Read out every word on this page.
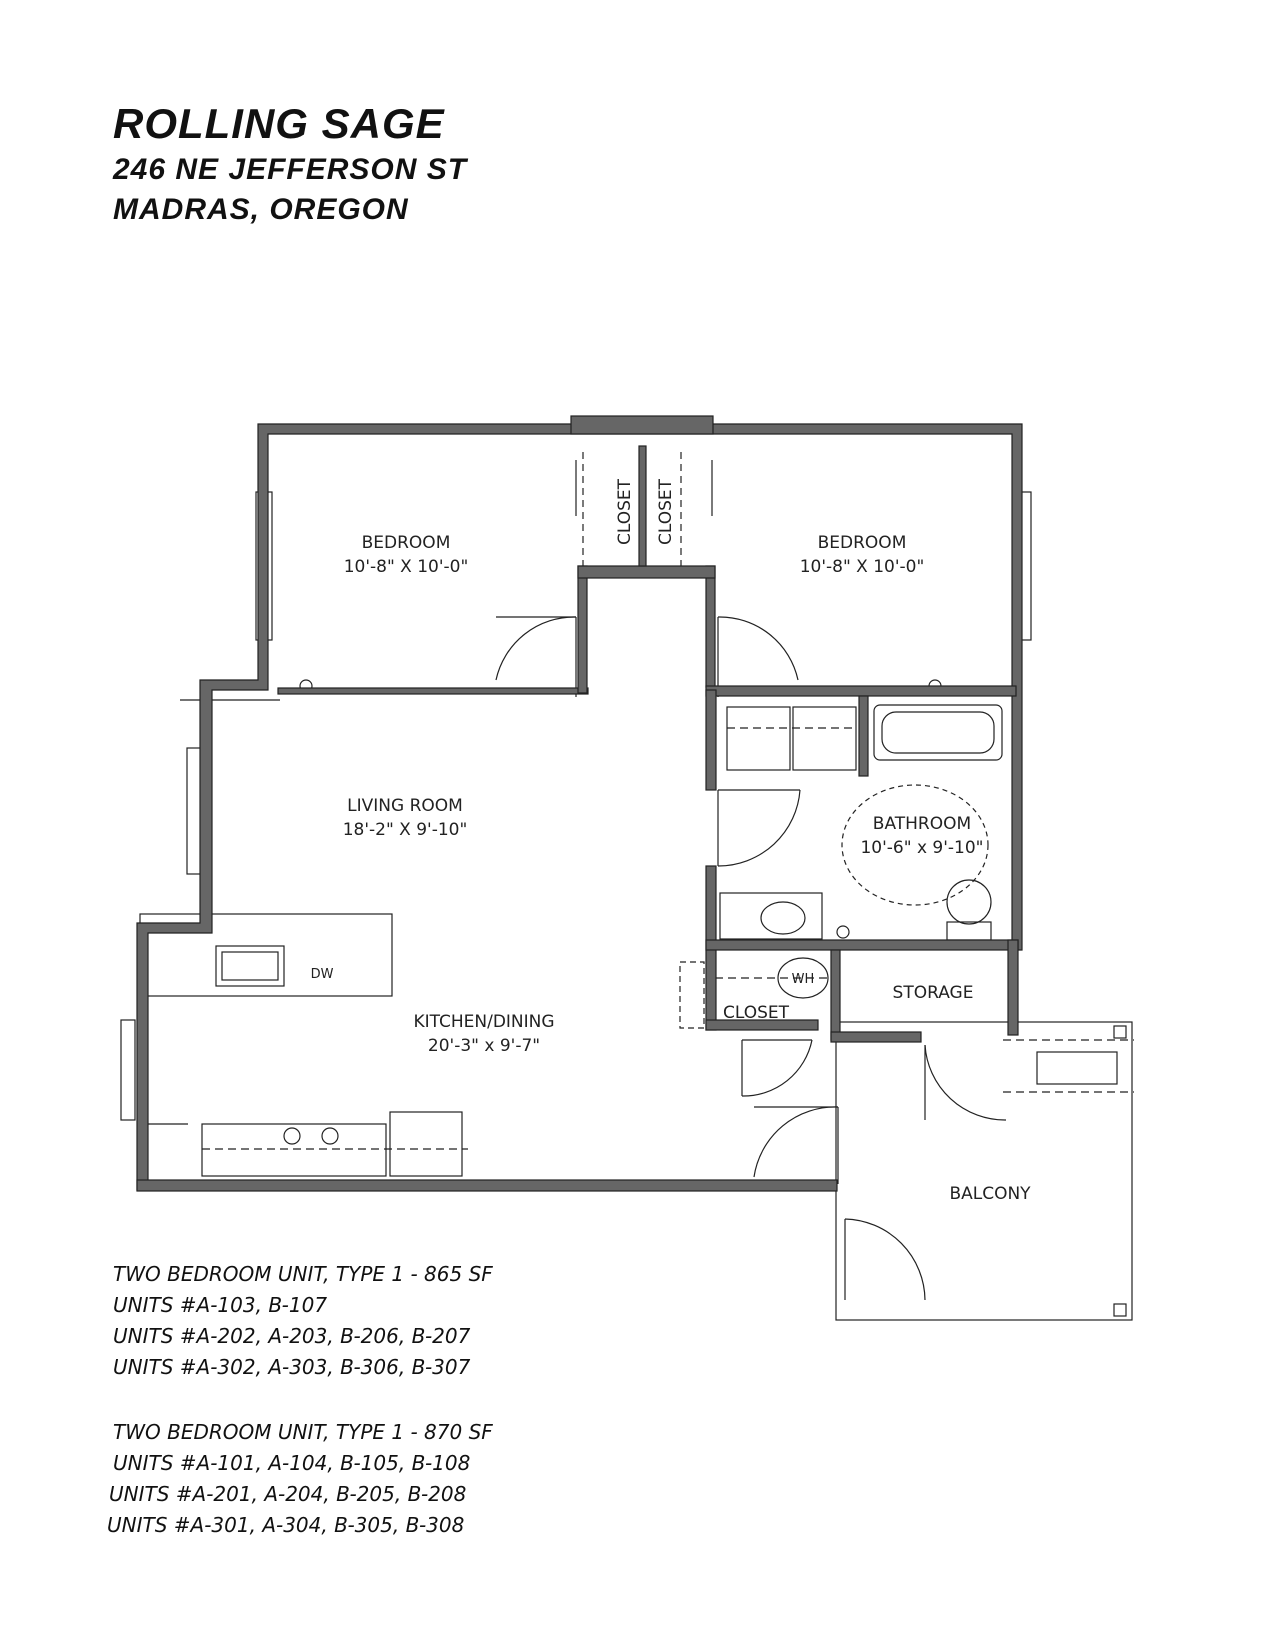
ROLLING SAGE
246 NE JEFFERSON ST
MADRAS, OREGON
BEDROOM
10'-8" X 10'-0"
BEDROOM
10'-8" X 10'-0"
CLOSET CLOSET
LIVING ROOM
18'-2" X 9'-10"	BATHROOM
10'-6" x 9'-10"
KITCHEN/DINING
20'-3" x 9'-7"
CLOSET
STORAGE
BALCONY
DW	WH
TWO BEDROOM UNIT, TYPE 1 - 865 SF
UNITS #A-103, B-107
UNITS #A-202, A-203, B-206, B-207
UNITS #A-302, A-303, B-306, B-307
TWO BEDROOM UNIT, TYPE 1 - 870 SF
UNITS #A-101, A-104, B-105, B-108
UNITS #A-201, A-204, B-205, B-208
UNITS #A-301, A-304, B-305, B-308
